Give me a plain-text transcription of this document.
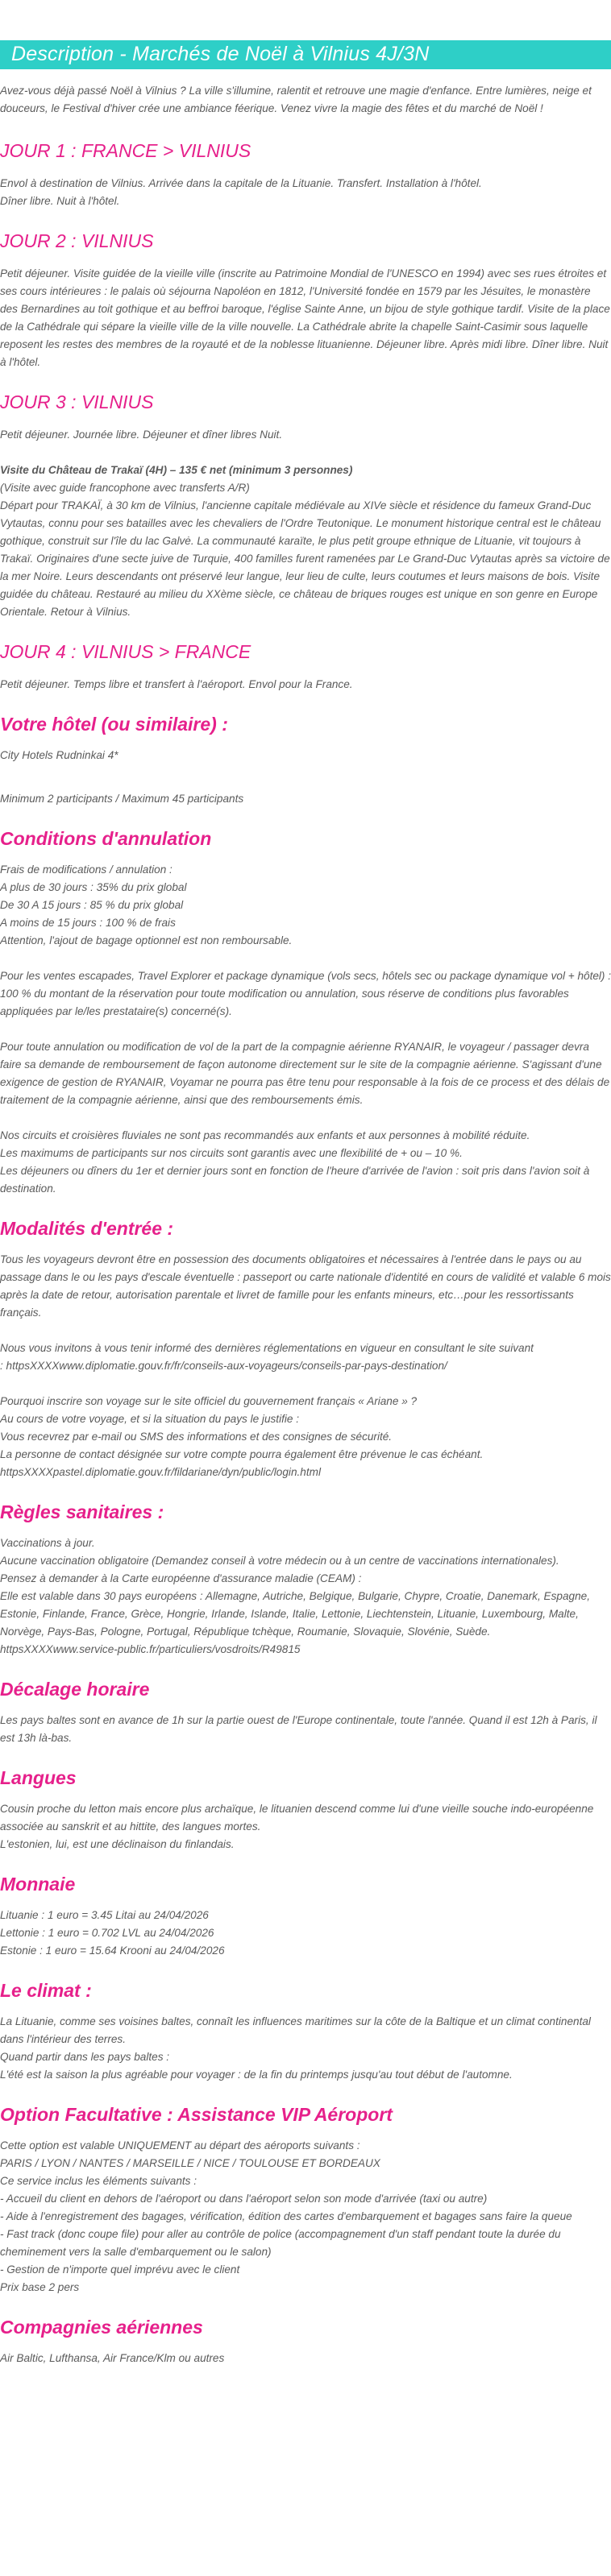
Description - Marchés de Noël à Vilnius 4J/3N

Avez-vous déjà passé Noël à Vilnius ? La ville s'illumine, ralentit et retrouve une magie d'enfance. Entre lumières, neige et douceurs, le Festival d'hiver crée une ambiance féerique. Venez vivre la magie des fêtes et du marché de Noël !

JOUR 1 : FRANCE > VILNIUS

Envol à destination de Vilnius. Arrivée dans la capitale de la Lituanie. Transfert. Installation à l'hôtel.

Dîner libre. Nuit à l'hôtel.

JOUR 2 : VILNIUS

Petit déjeuner. Visite guidée de la vieille ville (inscrite au Patrimoine Mondial de l'UNESCO en 1994) avec ses rues étroites et ses cours intérieures : le palais où séjourna Napoléon en 1812, l'Université fondée en 1579 par les Jésuites, le monastère des Bernardines au toit gothique et au beffroi baroque, l'église Sainte Anne, un bijou de style gothique tardif. Visite de la place de la Cathédrale qui sépare la vieille ville de la ville nouvelle. La Cathédrale abrite la chapelle Saint-Casimir sous laquelle reposent les restes des membres de la royauté et de la noblesse lituanienne. Déjeuner libre. Après midi libre. Dîner libre. Nuit à l'hôtel.

JOUR 3 : VILNIUS

Petit déjeuner. Journée libre. Déjeuner et dîner libres Nuit.

Visite du Château de Trakaï (4H) – 135 € net (minimum 3 personnes)

(Visite avec guide francophone avec transferts A/R)

Départ pour TRAKAÏ, à 30 km de Vilnius, l'ancienne capitale médiévale au XIVe siècle et résidence du fameux Grand-Duc Vytautas, connu pour ses batailles avec les chevaliers de l'Ordre Teutonique. Le monument historique central est le château gothique, construit sur l'île du lac Galvė. La communauté karaïte, le plus petit groupe ethnique de Lituanie, vit toujours à Trakaï. Originaires d'une secte juive de Turquie, 400 familles furent ramenées par Le Grand-Duc Vytautas après sa victoire de la mer Noire. Leurs descendants ont préservé leur langue, leur lieu de culte, leurs coutumes et leurs maisons de bois. Visite guidée du château. Restauré au milieu du XXème siècle, ce château de briques rouges est unique en son genre en Europe Orientale. Retour à Vilnius.

JOUR 4 : VILNIUS > FRANCE

Petit déjeuner. Temps libre et transfert à l'aéroport. Envol pour la France.

Votre hôtel (ou similaire) :

City Hotels Rudninkai 4*

Minimum 2 participants / Maximum 45 participants

Conditions d'annulation

Frais de modifications / annulation :

A plus de 30 jours : 35% du prix global

De 30 A 15 jours : 85 % du prix global

A moins de 15 jours : 100 % de frais

Attention, l'ajout de bagage optionnel est non remboursable.

Pour les ventes escapades, Travel Explorer et package dynamique (vols secs, hôtels sec ou package dynamique vol + hôtel) : 100 % du montant de la réservation pour toute modification ou annulation, sous réserve de conditions plus favorables appliquées par le/les prestataire(s) concerné(s).

Pour toute annulation ou modification de vol de la part de la compagnie aérienne RYANAIR, le voyageur / passager devra faire sa demande de remboursement de façon autonome directement sur le site de la compagnie aérienne. S'agissant d'une exigence de gestion de RYANAIR, Voyamar ne pourra pas être tenu pour responsable à la fois de ce process et des délais de traitement de la compagnie aérienne, ainsi que des remboursements émis.

Nos circuits et croisières fluviales ne sont pas recommandés aux enfants et aux personnes à mobilité réduite.

Les maximums de participants sur nos circuits sont garantis avec une flexibilité de + ou – 10 %.

Les déjeuners ou dîners du 1er et dernier jours sont en fonction de l'heure d'arrivée de l'avion : soit pris dans l'avion soit à destination.

Modalités d'entrée :

Tous les voyageurs devront être en possession des documents obligatoires et nécessaires à l'entrée dans le pays ou au passage dans le ou les pays d'escale éventuelle : passeport ou carte nationale d'identité en cours de validité et valable 6 mois après la date de retour, autorisation parentale et livret de famille pour les enfants mineurs, etc…pour les ressortissants français.

Nous vous invitons à vous tenir informé des dernières réglementations en vigueur en consultant le site suivant

: httpsXXXXwww.diplomatie.gouv.fr/fr/conseils-aux-voyageurs/conseils-par-pays-destination/

Pourquoi inscrire son voyage sur le site officiel du gouvernement français « Ariane » ?

Au cours de votre voyage, et si la situation du pays le justifie :

Vous recevrez par e-mail ou SMS des informations et des consignes de sécurité.

La personne de contact désignée sur votre compte pourra également être prévenue le cas échéant.

httpsXXXXpastel.diplomatie.gouv.fr/fildariane/dyn/public/login.html

Règles sanitaires :

Vaccinations à jour.

Aucune vaccination obligatoire (Demandez conseil à votre médecin ou à un centre de vaccinations internationales).

Pensez à demander à la Carte européenne d'assurance maladie (CEAM) :

Elle est valable dans 30 pays européens : Allemagne, Autriche, Belgique, Bulgarie, Chypre, Croatie, Danemark, Espagne, Estonie, Finlande, France, Grèce, Hongrie, Irlande, Islande, Italie, Lettonie, Liechtenstein, Lituanie, Luxembourg, Malte, Norvège, Pays-Bas, Pologne, Portugal, République tchèque, Roumanie, Slovaquie, Slovénie, Suède.

httpsXXXXwww.service-public.fr/particuliers/vosdroits/R49815

Décalage horaire

Les pays baltes sont en avance de 1h sur la partie ouest de l'Europe continentale, toute l'année. Quand il est 12h à Paris, il est 13h là-bas.

Langues

Cousin proche du letton mais encore plus archaïque, le lituanien descend comme lui d'une vieille souche indo-européenne associée au sanskrit et au hittite, des langues mortes.

L'estonien, lui, est une déclinaison du finlandais.

Monnaie

Lituanie : 1 euro = 3.45 Litai au 24/04/2026

Lettonie : 1 euro = 0.702 LVL au 24/04/2026

Estonie : 1 euro = 15.64 Krooni au 24/04/2026

Le climat :

La Lituanie, comme ses voisines baltes, connaît les influences maritimes sur la côte de la Baltique et un climat continental dans l'intérieur des terres.

Quand partir dans les pays baltes :

L'été est la saison la plus agréable pour voyager : de la fin du printemps jusqu'au tout début de l'automne.

Option Facultative : Assistance VIP Aéroport

Cette option est valable UNIQUEMENT au départ des aéroports suivants :

PARIS / LYON / NANTES / MARSEILLE / NICE / TOULOUSE ET BORDEAUX

Ce service inclus les éléments suivants :

- Accueil du client en dehors de l'aéroport ou dans l'aéroport selon son mode d'arrivée (taxi ou autre)

- Aide à l'enregistrement des bagages, vérification, édition des cartes d'embarquement et bagages sans faire la queue

- Fast track (donc coupe file) pour aller au contrôle de police (accompagnement d'un staff pendant toute la durée du cheminement vers la salle d'embarquement ou le salon)

- Gestion de n'importe quel imprévu avec le client

Prix base 2 pers

Compagnies aériennes

Air Baltic, Lufthansa, Air France/Klm ou autres
